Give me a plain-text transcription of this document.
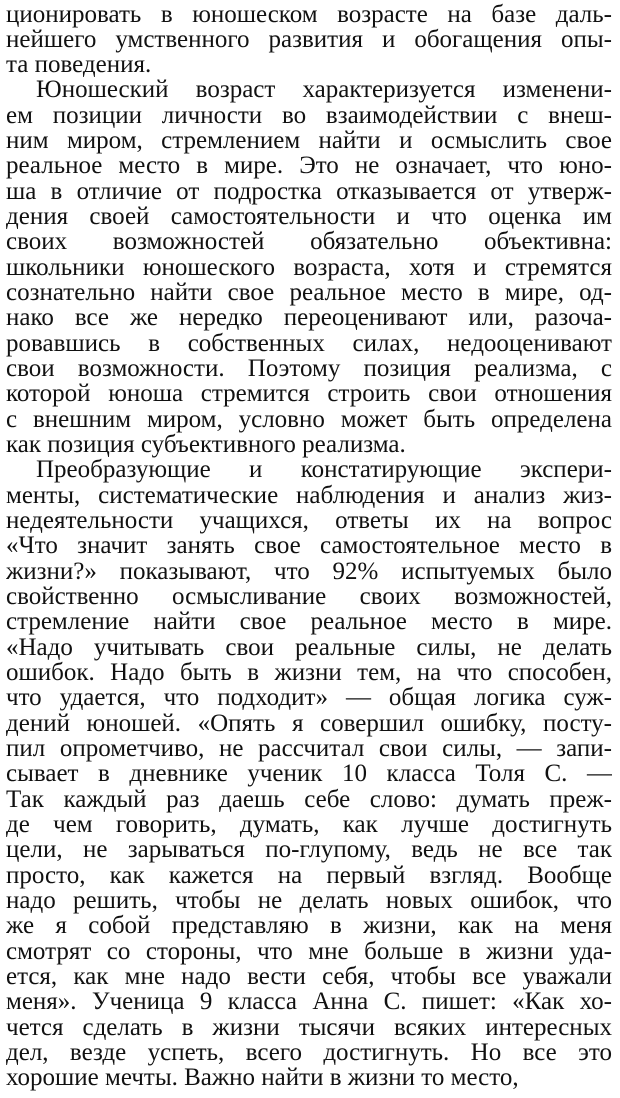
ционировать в юношеском возрасте на базе даль-

нейшего умственного развития и обогащения опы-

та поведения.

Юношеский возраст характеризуется изменени-

ем позиции личности во взаимодействии с внеш-

ним миром, стремлением найти и осмыслить свое

реальное место в мире. Это не означает, что юно-

ша в отличие от подростка отказывается от утверж-

дения своей самостоятельности и что оценка им

своих возможностей обязательно объективна:

школьники юношеского возраста, хотя и стремятся

сознательно найти свое реальное место в мире, од-

нако все же нередко переоценивают или, разоча-

ровавшись в собственных силах, недооценивают

свои возможности. Поэтому позиция реализма, с

которой юноша стремится строить свои отношения

с внешним миром, условно может быть определена

как позиция субъективного реализма.

Преобразующие и констатирующие экспери-

менты, систематические наблюдения и анализ жиз-

недеятельности учащихся, ответы их на вопрос

«Что значит занять свое самостоятельное место в

жизни?» показывают, что 92% испытуемых было

свойственно осмысливание своих возможностей,

стремление найти свое реальное место в мире.

«Надо учитывать свои реальные силы, не делать

ошибок. Надо быть в жизни тем, на что способен,

что удается, что подходит» — общая логика суж-

дений юношей. «Опять я совершил ошибку, посту-

пил опрометчиво, не рассчитал свои силы, — запи-

сывает в дневнике ученик 10 класса Толя С. —

Так каждый раз даешь себе слово: думать преж-

де чем говорить, думать, как лучше достигнуть

цели, не зарываться по-глупому, ведь не все так

просто, как кажется на первый взгляд. Вообще

надо решить, чтобы не делать новых ошибок, что

же я собой представляю в жизни, как на меня

смотрят со стороны, что мне больше в жизни уда-

ется, как мне надо вести себя, чтобы все уважали

меня». Ученица 9 класса Анна С. пишет: «Как хо-

чется сделать в жизни тысячи всяких интересных

дел, везде успеть, всего достигнуть. Но все это

хорошие мечты. Важно найти в жизни то место,
